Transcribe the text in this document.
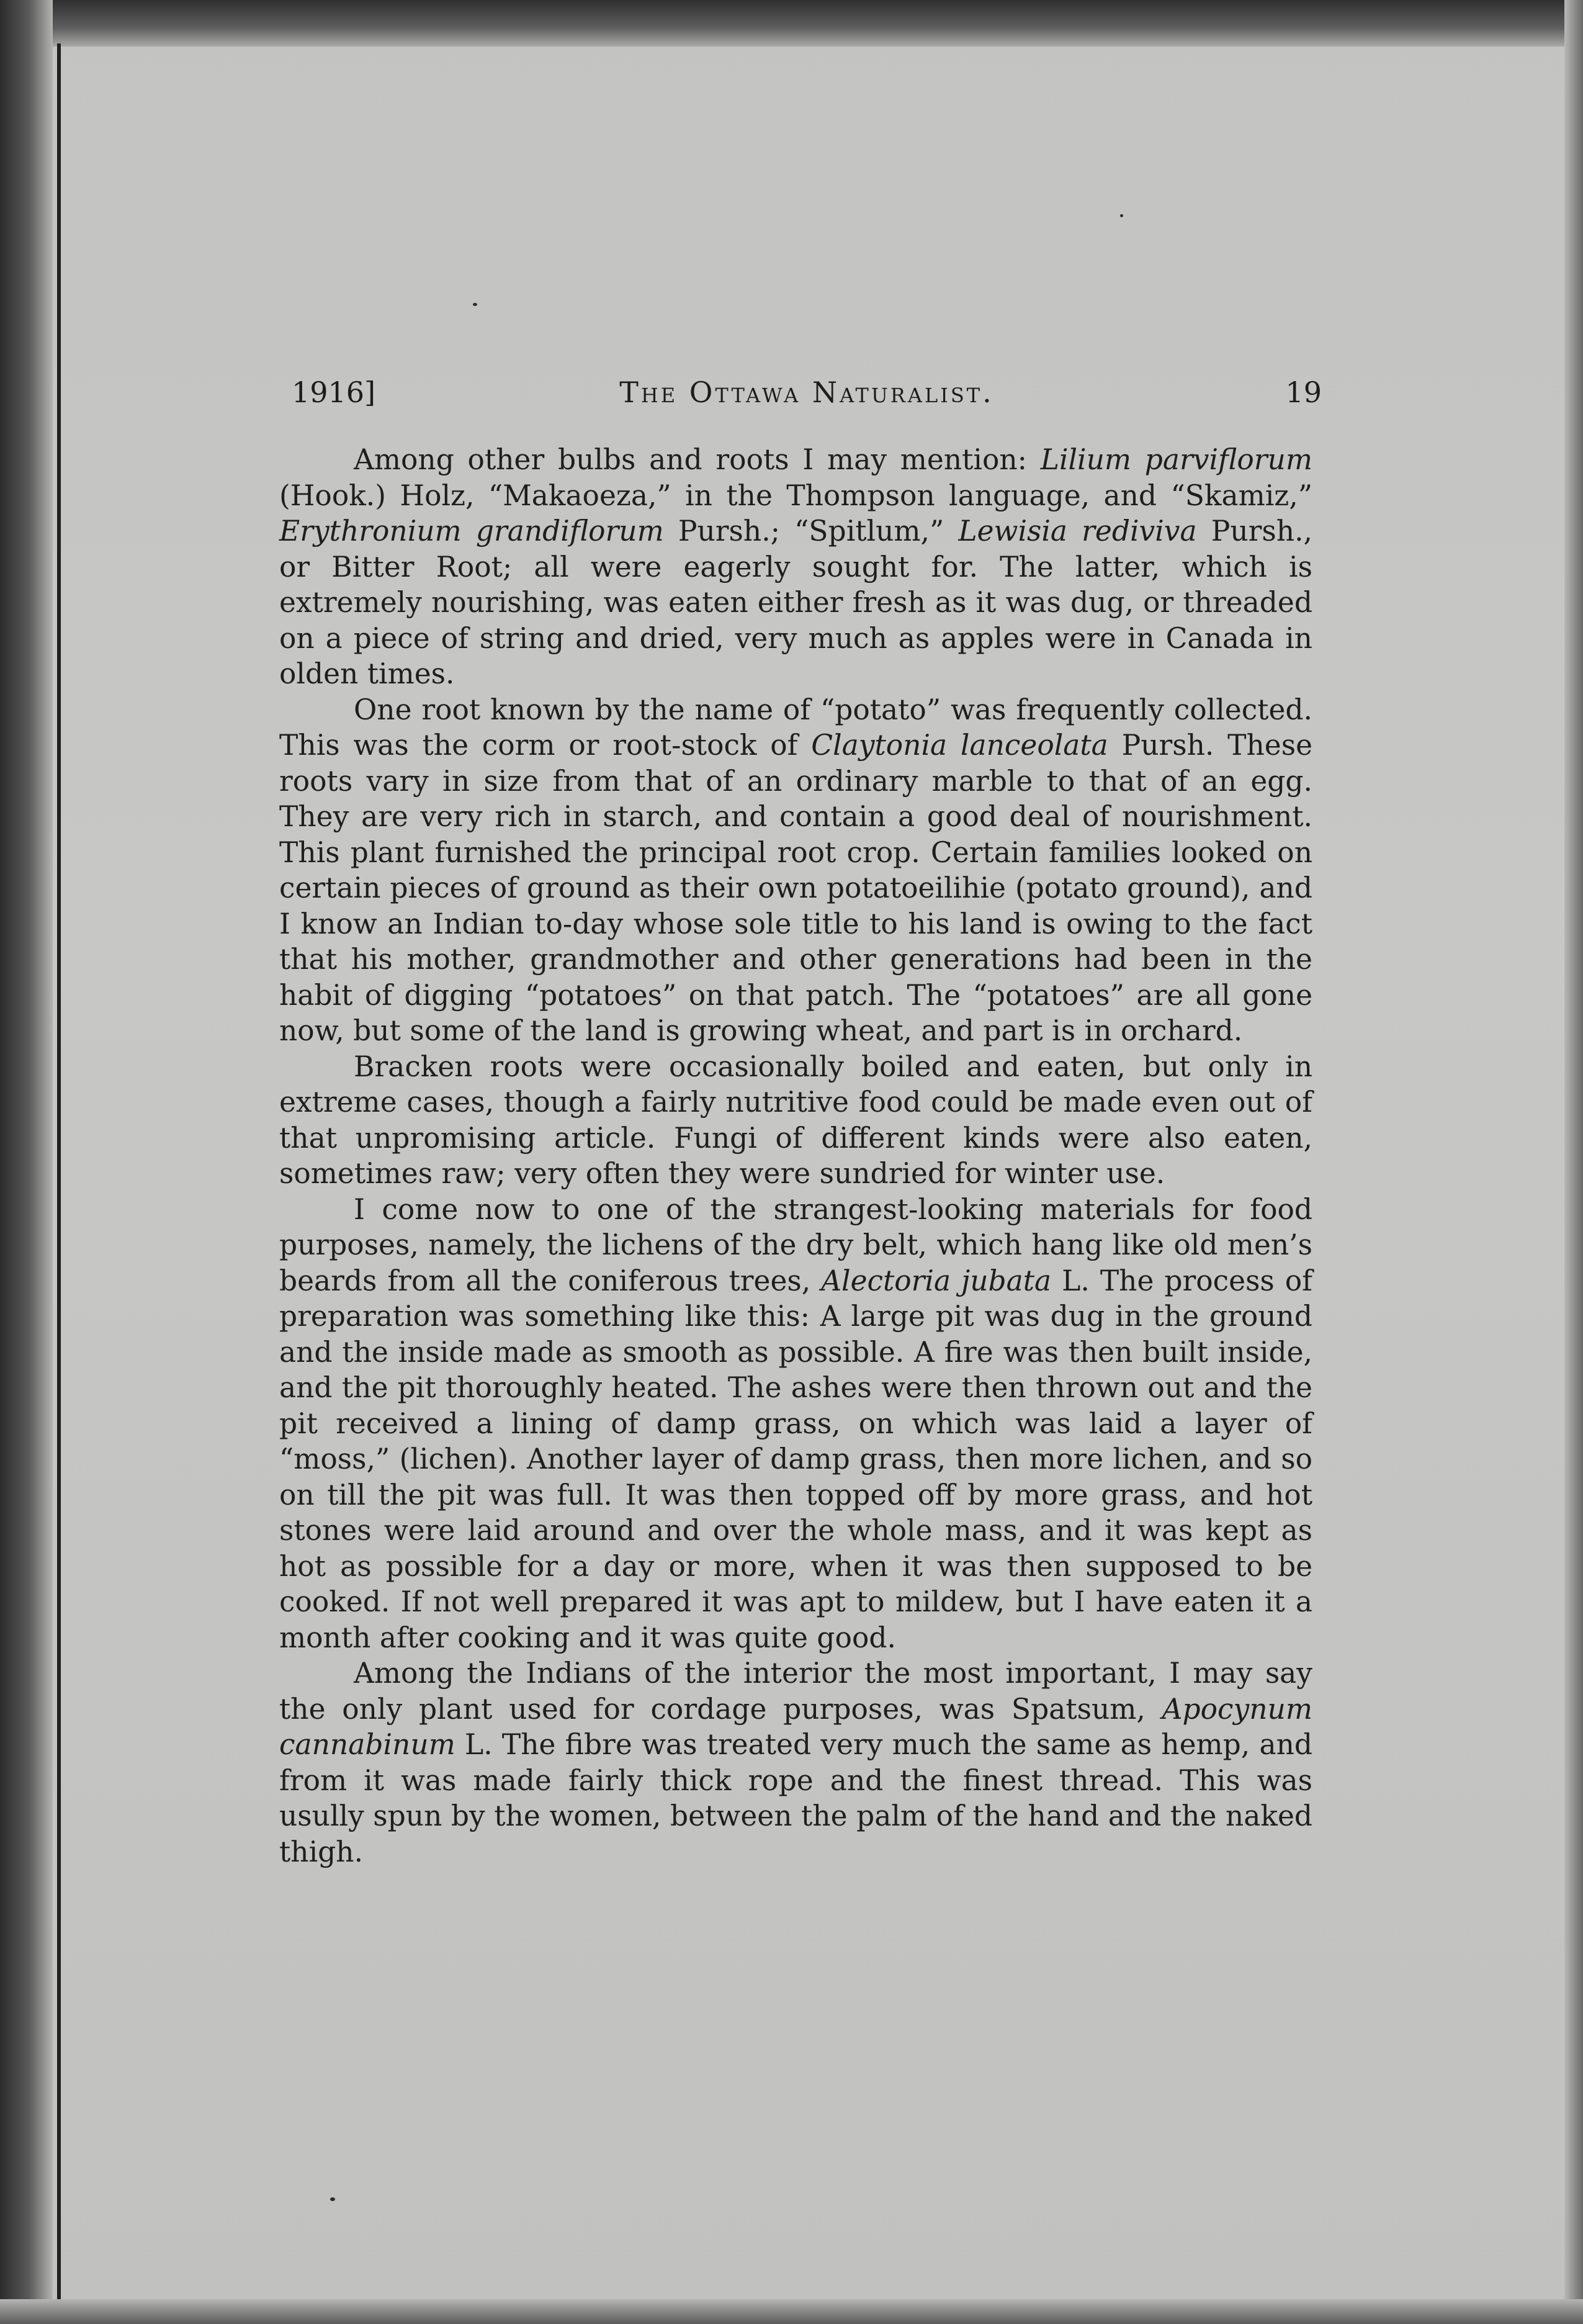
1916]	The Ottawa Naturalist.	19

Among other bulbs and roots I may mention: Lilium parviflorum (Hook.) Holz, “Makaoeza,” in the Thompson language, and “Skamiz,” Erythronium grandiflorum Pursh.; “Spitlum,” Lewisia rediviva Pursh., or Bitter Root; all were eagerly sought for. The latter, which is extremely nourishing, was eaten either fresh as it was dug, or threaded on a piece of string and dried, very much as apples were in Canada in olden times.

One root known by the name of “potato” was frequently collected. This was the corm or root-stock of Claytonia lanceolata Pursh. These roots vary in size from that of an ordinary marble to that of an egg. They are very rich in starch, and contain a good deal of nourishment. This plant furnished the principal root crop. Certain families looked on certain pieces of ground as their own potatoeilihie (potato ground), and I know an Indian to-day whose sole title to his land is owing to the fact that his mother, grandmother and other generations had been in the habit of digging “potatoes” on that patch. The “potatoes” are all gone now, but some of the land is growing wheat, and part is in orchard.

Bracken roots were occasionally boiled and eaten, but only in extreme cases, though a fairly nutritive food could be made even out of that unpromising article. Fungi of different kinds were also eaten, sometimes raw; very often they were sundried for winter use.

I come now to one of the strangest-looking materials for food purposes, namely, the lichens of the dry belt, which hang like old men’s beards from all the coniferous trees, Alectoria jubata L. The process of preparation was something like this: A large pit was dug in the ground and the inside made as smooth as possible. A fire was then built inside, and the pit thoroughly heated. The ashes were then thrown out and the pit received a lining of damp grass, on which was laid a layer of “moss,” (lichen). Another layer of damp grass, then more lichen, and so on till the pit was full. It was then topped off by more grass, and hot stones were laid around and over the whole mass, and it was kept as hot as possible for a day or more, when it was then supposed to be cooked. If not well prepared it was apt to mildew, but I have eaten it a month after cooking and it was quite good.

Among the Indians of the interior the most important, I may say the only plant used for cordage purposes, was Spatsum, Apocynum cannabinum L. The fibre was treated very much the same as hemp, and from it was made fairly thick rope and the finest thread. This was usully spun by the women, between the palm of the hand and the naked thigh.
